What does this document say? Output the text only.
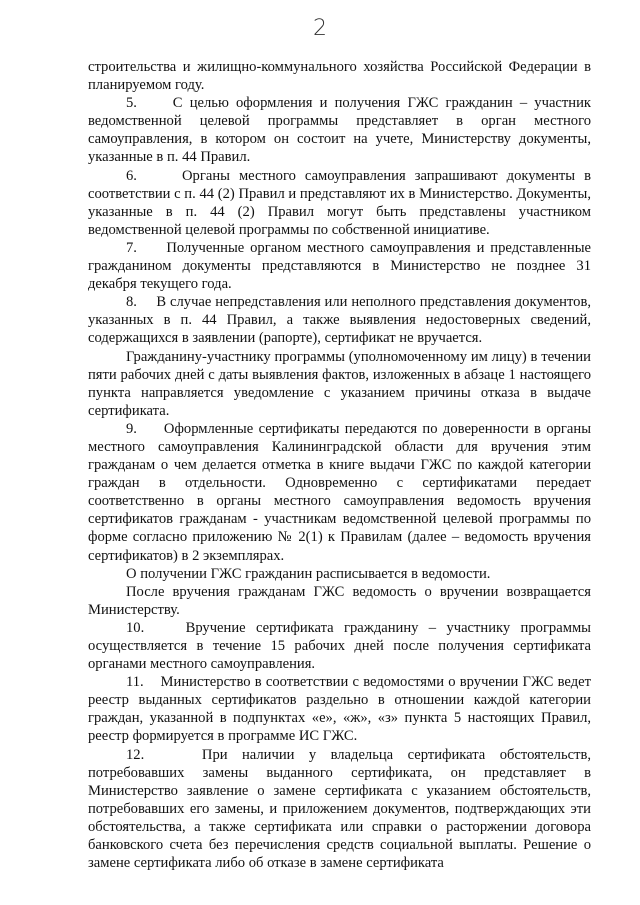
2

строительства и жилищно-коммунального хозяйства Российской Федерации в планируемом году.

5.     С целью оформления и получения ГЖС гражданин – участник ведомственной целевой программы представляет в орган местного самоуправления, в котором он состоит на учете, Министерству документы, указанные в п. 44 Правил.

6.     Органы местного самоуправления запрашивают документы в соответствии с п. 44 (2) Правил и представляют их в Министерство. Документы, указанные в п. 44 (2) Правил могут быть представлены участником ведомственной целевой программы по собственной инициативе.

7.     Полученные органом местного самоуправления и представленные гражданином документы представляются в Министерство не позднее 31 декабря текущего года.

8.     В случае непредставления или неполного представления документов, указанных в п. 44 Правил, а также выявления недостоверных сведений, содержащихся в заявлении (рапорте), сертификат не вручается.

Гражданину-участнику программы (уполномоченному им лицу) в течении пяти рабочих дней с даты выявления фактов, изложенных в абзаце 1 настоящего пункта направляется уведомление с указанием причины отказа в выдаче сертификата.

9.     Оформленные сертификаты передаются по доверенности в органы местного самоуправления Калининградской области для вручения этим гражданам о чем делается отметка в книге выдачи ГЖС по каждой категории граждан в отдельности. Одновременно с сертификатами передает соответственно в органы местного самоуправления ведомость вручения сертификатов гражданам - участникам ведомственной целевой программы по форме согласно приложению № 2(1) к Правилам (далее – ведомость вручения сертификатов) в 2 экземплярах.

О получении ГЖС гражданин расписывается в ведомости.

После вручения гражданам ГЖС ведомость о вручении возвращается Министерству.

10.    Вручение сертификата гражданину – участнику программы осуществляется в течение 15 рабочих дней после получения сертификата органами местного самоуправления.

11.    Министерство в соответствии с ведомостями о вручении ГЖС ведет реестр выданных сертификатов раздельно в отношении каждой категории граждан, указанной в подпунктах «е», «ж», «з» пункта 5 настоящих Правил, реестр формируется в программе ИС ГЖС.

12.    При наличии у владельца сертификата обстоятельств, потребовавших замены выданного сертификата, он представляет в Министерство заявление о замене сертификата с указанием обстоятельств, потребовавших его замены, и приложением документов, подтверждающих эти обстоятельства, а также сертификата или справки о расторжении договора банковского счета без перечисления средств социальной выплаты. Решение о замене сертификата либо об отказе в замене сертификата
